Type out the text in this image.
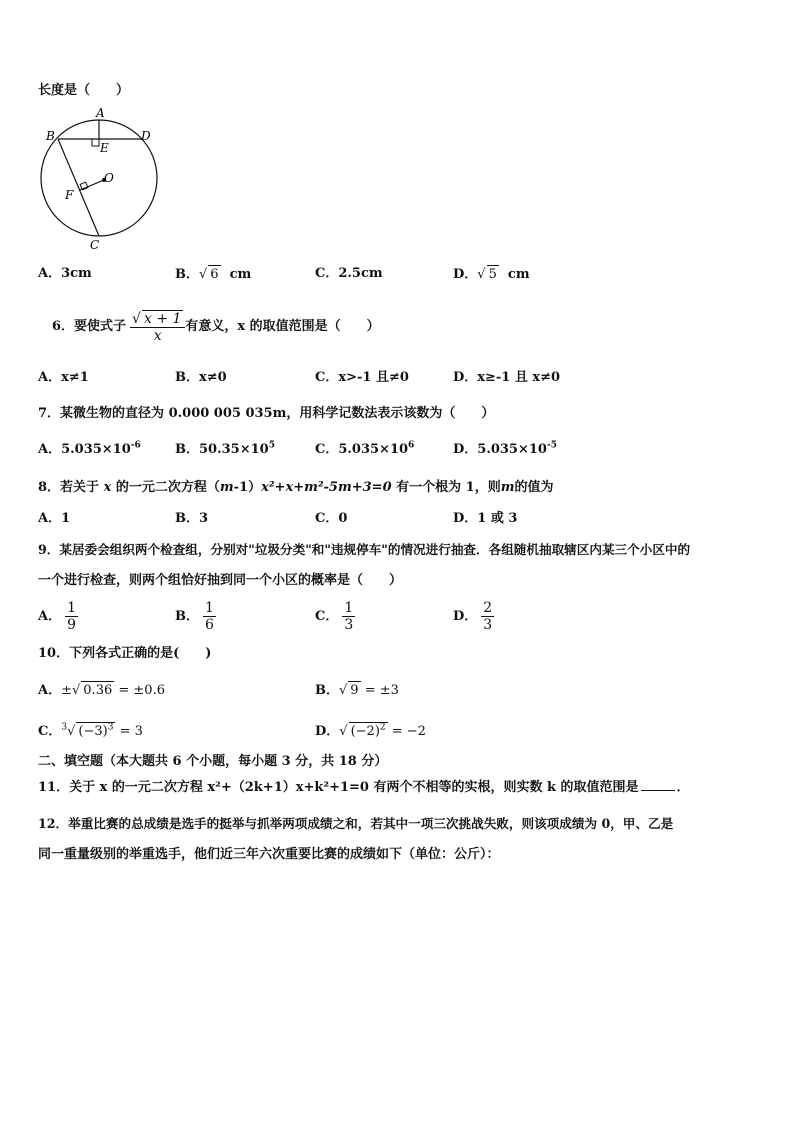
长度是（　　）
A
B	D
E
O
F
C
A．3cm	B．√ 6 cm	C．2.5cm	D．√ 5 cm
6．要使式子 $\frac{√ x + 1}{x}$ 有意义，x 的取值范围是（　　）
A．x≠1	B．x≠0	C．x>-1 且≠0	D．x≥-1 且 x≠0
7．某微生物的直径为 0.000 005 035m，用科学记数法表示该数为（　　）
A．$5.035\times 10^{-6}$	B．$50.35\times 10^5$	C．$5.035\times 10^6$	D．$5.035\times 10^{-5}$
8．若关于 x 的一元二次方程（m-1）x²+x+m²-5m+3=0 有一个根为 1，则m的值为
A．1	B．3	C．0	D．1 或 3
9．某居委会组织两个检查组，分别对"垃圾分类"和"违规停车"的情况进行抽查．各组随机抽取辖区内某三个小区中的
一个进行检查，则两个组恰好抽到同一个小区的概率是（　　）
A． $\frac{1}{9}$	B． $\frac{1}{6}$	C． $\frac{1}{3}$	D． $\frac{2}{3}$
10．下列各式正确的是(　　)
A．±√ 0.36 = ±0.6	B．√ 9 = ±3
C．$^3$√ $(-3)^3 = 3$	D．√ $(-2)^2 = -2$
二、填空题（本大题共 6 个小题，每小题 3 分，共 18 分）
11．关于 x 的一元二次方程 x²+（2k+1）x+k²+1=0 有两个不相等的实根，则实数 k 的取值范围是	．
12．举重比赛的总成绩是选手的挺举与抓举两项成绩之和，若其中一项三次挑战失败，则该项成绩为 0，甲、乙是
同一重量级别的举重选手，他们近三年六次重要比赛的成绩如下（单位：公斤）：
